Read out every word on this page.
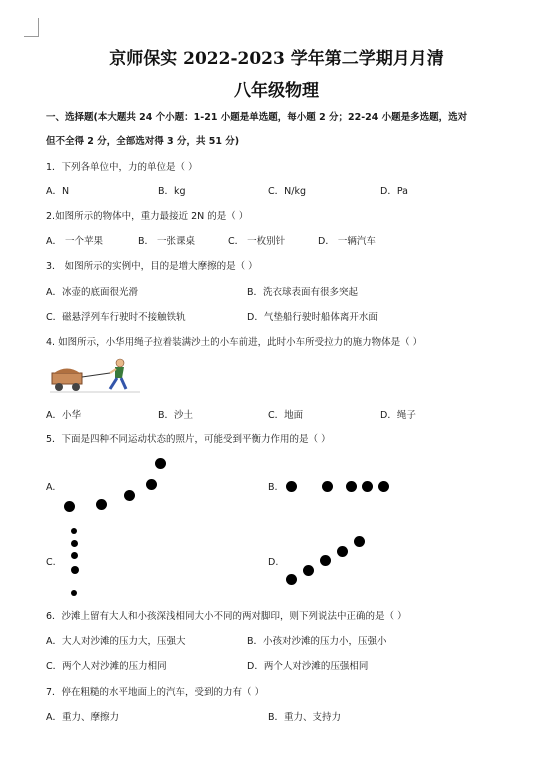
京师保实 2022-2023 学年第二学期月月清
八年级物理
一、选择题(本大题共 24 个小题：1-21 小题是单选题，每小题 2 分；22-24 小题是多选题，选对
但不全得 2 分，全部选对得 3 分，共 51 分)
1．下列各单位中，力的单位是（ ）
A．N	B．kg	C．N/kg	D．Pa
2.如图所示的物体中，重力最接近 2N 的是（ ）
A． 一个苹果	B． 一张课桌	C． 一枚别针	D． 一辆汽车
3． 如图所示的实例中，目的是增大摩擦的是（ ）
A．冰壶的底面很光滑	B．洗衣球表面有很多突起
C．磁悬浮列车行驶时不接触铁轨	D．气垫船行驶时船体离开水面
4. 如图所示，小华用绳子拉着装满沙土的小车前进，此时小车所受拉力的施力物体是（ ）
A．小华	B．沙土	C．地面	D．绳子
5．下面是四种不同运动状态的照片，可能受到平衡力作用的是（ ）
A.	B.
C.	D.
6．沙滩上留有大人和小孩深浅相同大小不同的两对脚印，则下列说法中正确的是（ ）
A．大人对沙滩的压力大，压强大	B．小孩对沙滩的压力小，压强小
C．两个人对沙滩的压力相同	D．两个人对沙滩的压强相同
7．停在粗糙的水平地面上的汽车，受到的力有（ ）
A．重力、摩擦力	B．重力、支持力
